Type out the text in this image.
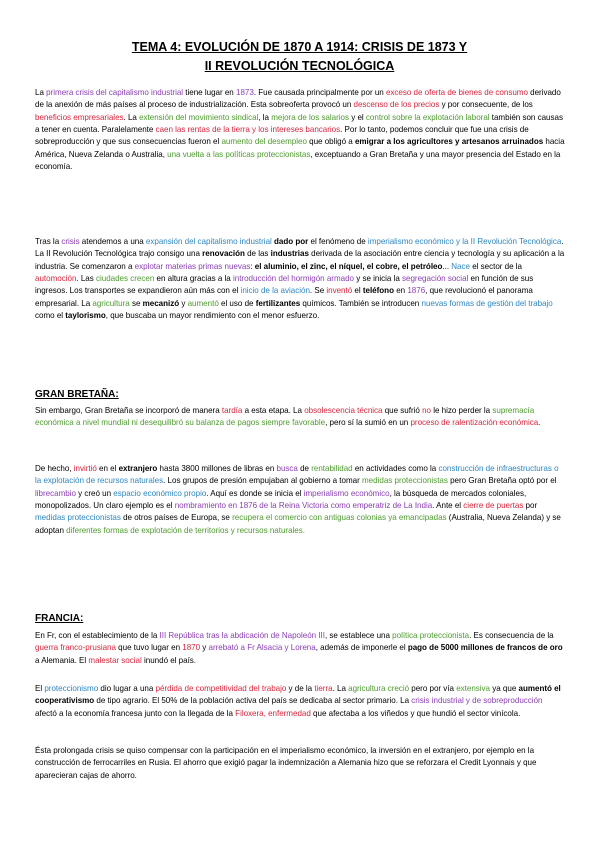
TEMA 4: EVOLUCIÓN DE 1870 A 1914: CRISIS DE 1873 Y
II REVOLUCIÓN TECNOLÓGICA

La primera crisis del capitalismo industrial tiene lugar en 1873. Fue causada principalmente por un exceso de oferta de bienes de consumo derivado de la anexión de más países al proceso de industrialización. Esta sobreoferta provocó un descenso de los precios y por consecuente, de los beneficios empresariales. La extensión del movimiento sindical, la mejora de los salarios y el control sobre la explotación laboral también son causas a tener en cuenta. Paralelamente caen las rentas de la tierra y los intereses bancarios. Por lo tanto, podemos concluir que fue una crisis de sobreproducción y que sus consecuencias fueron el aumento del desempleo que obligó a emigrar a los agricultores y artesanos arruinados hacia América, Nueva Zelanda o Australia, una vuelta a las políticas proteccionistas, exceptuando a Gran Bretaña y una mayor presencia del Estado en la economía.

Tras la crisis atendemos a una expansión del capitalismo industrial dado por el fenómeno de imperialismo económico y la II Revolución Tecnológica. La II Revolución Tecnológica trajo consigo una renovación de las industrias derivada de la asociación entre ciencia y tecnología y su aplicación a la industria. Se comenzaron a explotar materias primas nuevas: el aluminio, el zinc, el níquel, el cobre, el petróleo... Nace el sector de la automoción. Las ciudades crecen en altura gracias a la introducción del hormigón armado y se inicia la segregación social en función de sus ingresos. Los transportes se expandieron aún más con el inicio de la aviación. Se inventó el teléfono en 1876, que revolucionó el panorama empresarial. La agricultura se mecanizó y aumentó el uso de fertilizantes químicos. También se introducen nuevas formas de gestión del trabajo como el taylorismo, que buscaba un mayor rendimiento con el menor esfuerzo.

GRAN BRETAÑA:

Sin embargo, Gran Bretaña se incorporó de manera tardía a esta etapa. La obsolescencia técnica que sufrió no le hizo perder la supremacía económica a nivel mundial ni desequilibró su balanza de pagos siempre favorable, pero sí la sumió en un proceso de ralentización económica.

De hecho, invirtió en el extranjero hasta 3800 millones de libras en busca de rentabilidad en actividades como la construcción de infraestructuras o la explotación de recursos naturales. Los grupos de presión empujaban al gobierno a tomar medidas proteccionistas pero Gran Bretaña optó por el librecambio y creó un espacio económico propio. Aquí es donde se inicia el imperialismo económico, la búsqueda de mercados coloniales, monopolizados. Un claro ejemplo es el nombramiento en 1876 de la Reina Victoria como emperatriz de La India. Ante el cierre de puertas por medidas proteccionistas de otros países de Europa, se recupera el comercio con antiguas colonias ya emancipadas (Australia, Nueva Zelanda) y se adoptan diferentes formas de explotación de territorios y recursos naturales.

FRANCIA:

En Fr, con el establecimiento de la III República tras la abdicación de Napoleón III, se establece una política proteccionista. Es consecuencia de la guerra franco-prusiana que tuvo lugar en 1870 y arrebató a Fr Alsacia y Lorena, además de imponerle el pago de 5000 millones de francos de oro a Alemania. El malestar social inundó el país.

El proteccionismo dio lugar a una pérdida de competitividad del trabajo y de la tierra. La agricultura creció pero por vía extensiva ya que aumentó el cooperativismo de tipo agrario. El 50% de la población activa del país se dedicaba al sector primario. La crisis industrial y de sobreproducción afectó a la economía francesa junto con la llegada de la Filoxera, enfermedad que afectaba a los viñedos y que hundió el sector vinícola.

Ésta prolongada crisis se quiso compensar con la participación en el imperialismo económico, la inversión en el extranjero, por ejemplo en la construcción de ferrocarriles en Rusia. El ahorro que exigió pagar la indemnización a Alemania hizo que se reforzara el Credit Lyonnais y que aparecieran cajas de ahorro.
